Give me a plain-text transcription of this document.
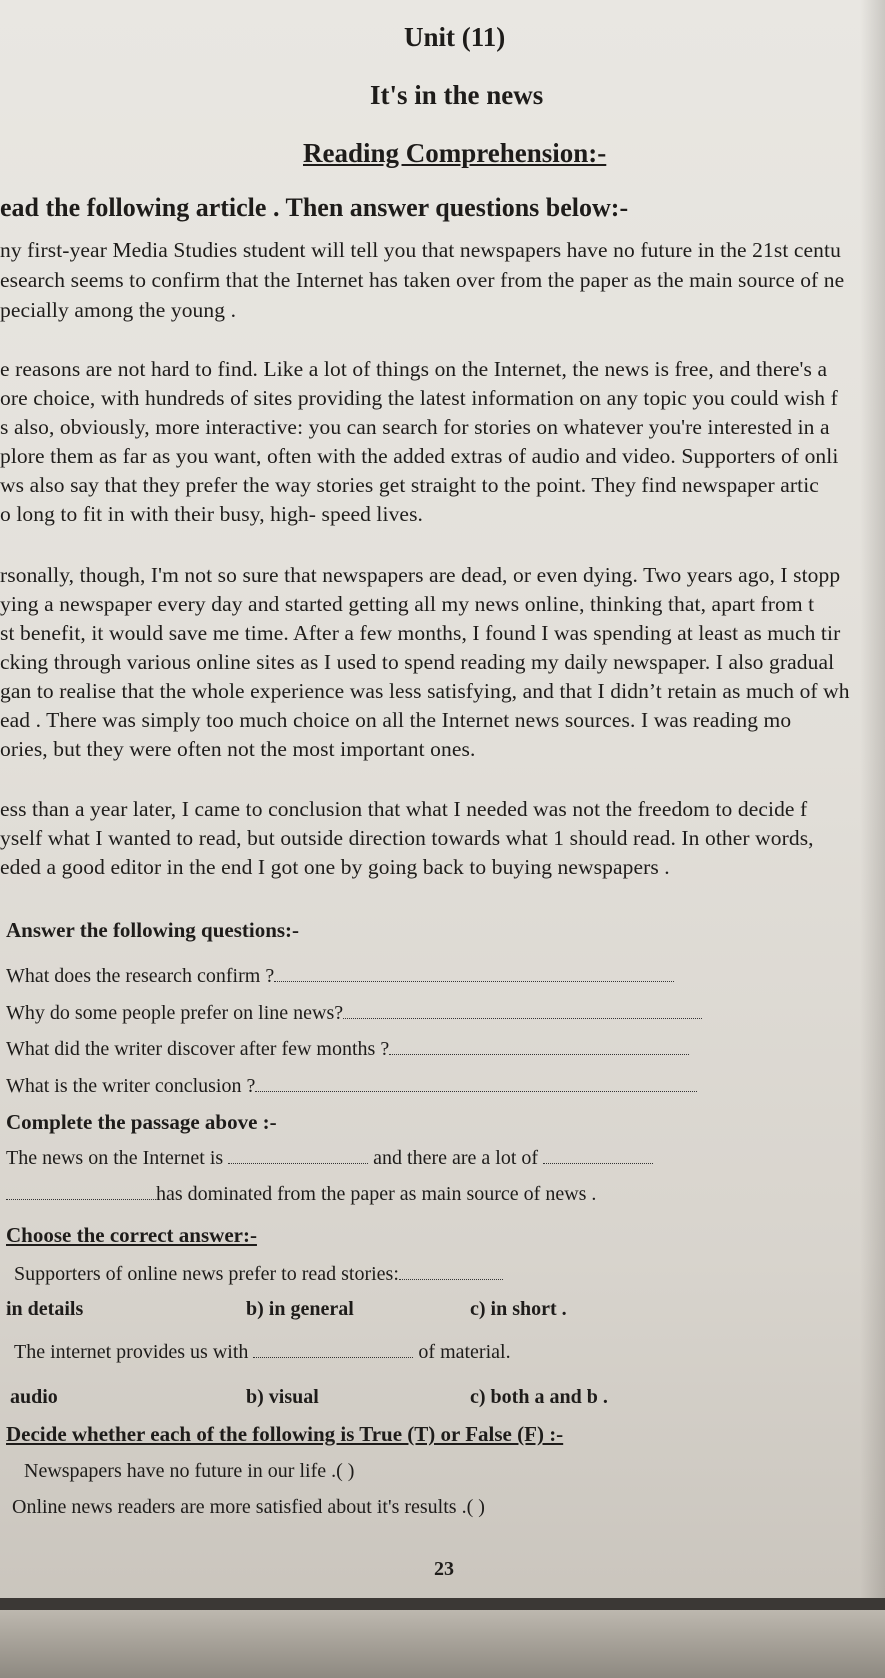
Unit (11)

It's in the news

Reading Comprehension:-

ead the following article . Then answer questions below:-

ny first-year Media Studies student will tell you that newspapers have no future in the 21st centu

esearch seems to confirm that the Internet has taken over from the paper as the main source of ne

pecially among the young .

e reasons are not hard to find. Like a lot of things on the Internet, the news is free, and there's a

ore choice, with hundreds of sites providing the latest information on any topic you could wish f

s also, obviously, more interactive: you can search for stories on whatever you're interested in a

plore them as far as you want, often with the added extras of audio and video. Supporters of onli

ws also say that they prefer the way stories get straight to the point. They find newspaper artic

o long to fit in with their busy, high- speed lives.

rsonally, though, I'm not so sure that newspapers are dead, or even dying. Two years ago, I stopp

ying a newspaper every day and started getting all my news online, thinking that, apart from t

st benefit, it would save me time. After a few months, I found I was spending at least as much tir

cking through various online sites as I used to spend reading my daily newspaper. I also gradual

gan to realise that the whole experience was less satisfying, and that I didn’t retain as much of wh

ead . There was simply too much choice on all the Internet news sources. I was reading mo

ories, but they were often not the most important ones.

ess than a year later, I came to conclusion that what I needed was not the freedom to decide f

yself what I wanted to read, but outside direction towards what 1 should read. In other words,

eded a good editor in the end I got one by going back to buying newspapers .

Answer the following questions:-

What does the research confirm ?

Why do some people prefer on line news?

What did the writer discover after few months ?

What is the writer conclusion ?

Complete the passage above :-

The news on the Internet is	and there are a lot of

has dominated from the paper as main source of news .

Choose the correct answer:-

Supporters of online news prefer to read stories:

in details	b) in general	c) in short .

The internet provides us with	of material.

audio	b) visual	c) both a and b .

Decide whether each of the following is True (T) or False (F) :-

Newspapers have no future in our life .( )

Online news readers are more satisfied about it's results .( )

23
